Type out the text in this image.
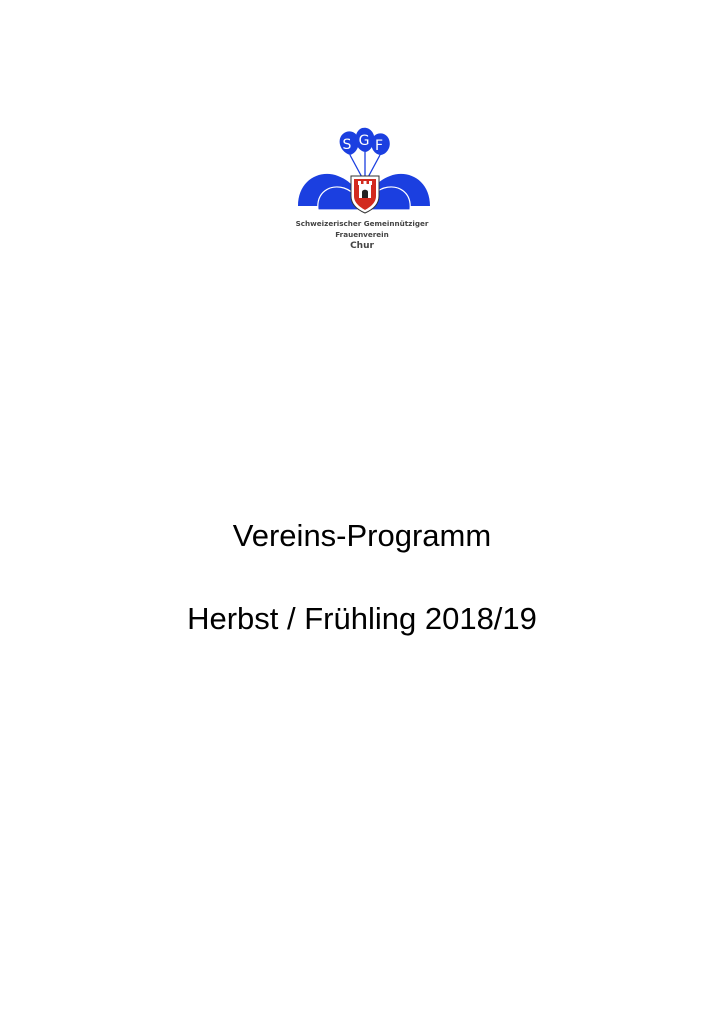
S G F
Schweizerischer Gemeinnütziger
Frauenverein
Chur
Vereins-Programm
Herbst / Frühling 2018/19
